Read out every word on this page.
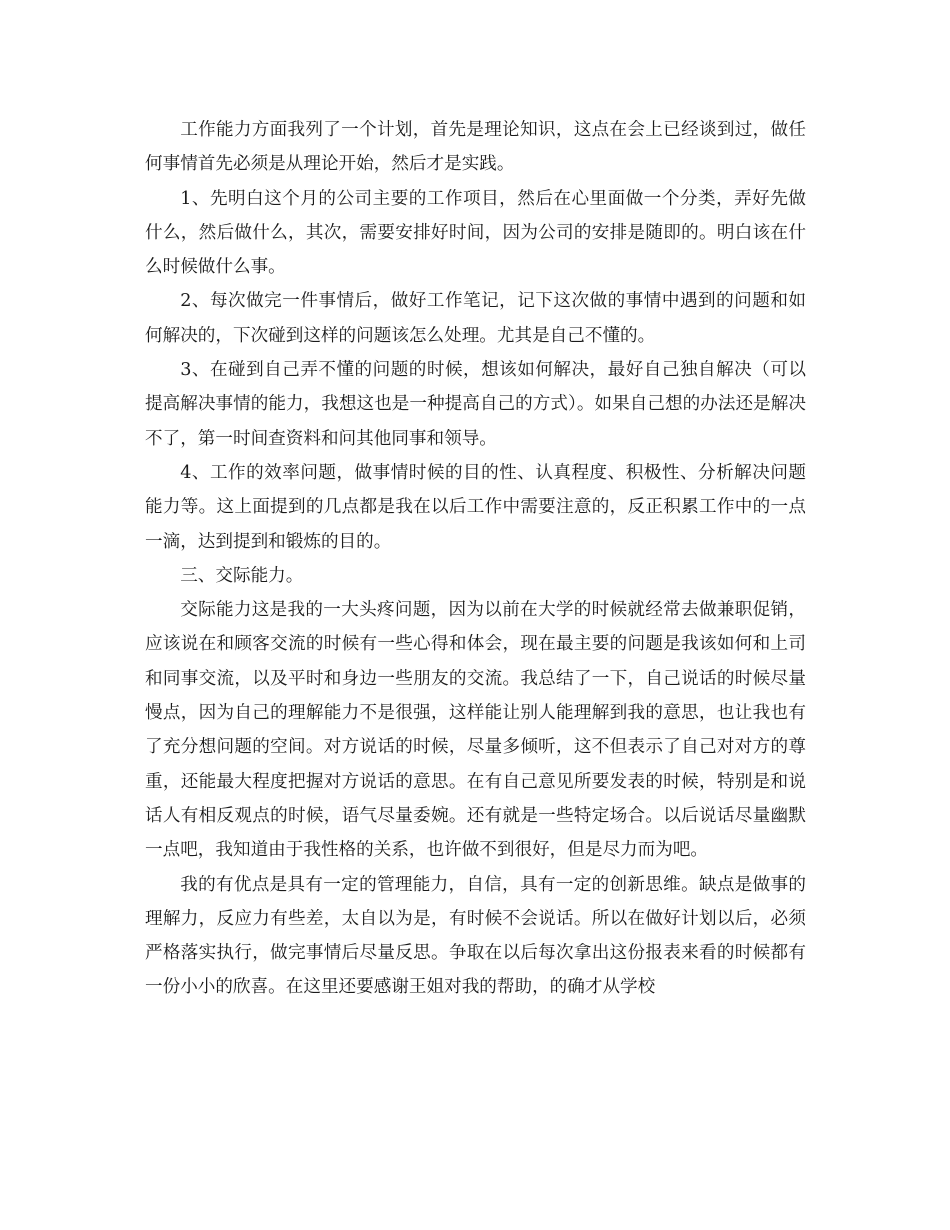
工作能力方面我列了一个计划，首先是理论知识，这点在会上已经谈到过，做任何事情首先必须是从理论开始，然后才是实践。

1、先明白这个月的公司主要的工作项目，然后在心里面做一个分类，弄好先做什么，然后做什么，其次，需要安排好时间，因为公司的安排是随即的。明白该在什么时候做什么事。

2、每次做完一件事情后，做好工作笔记，记下这次做的事情中遇到的问题和如何解决的，下次碰到这样的问题该怎么处理。尤其是自己不懂的。

3、在碰到自己弄不懂的问题的时候，想该如何解决，最好自己独自解决（可以提高解决事情的能力，我想这也是一种提高自己的方式）。如果自己想的办法还是解决不了，第一时间查资料和问其他同事和领导。

4、工作的效率问题，做事情时候的目的性、认真程度、积极性、分析解决问题能力等。这上面提到的几点都是我在以后工作中需要注意的，反正积累工作中的一点一滴，达到提到和锻炼的目的。

三、交际能力。

交际能力这是我的一大头疼问题，因为以前在大学的时候就经常去做兼职促销，应该说在和顾客交流的时候有一些心得和体会，现在最主要的问题是我该如何和上司和同事交流，以及平时和身边一些朋友的交流。我总结了一下，自己说话的时候尽量慢点，因为自己的理解能力不是很强，这样能让别人能理解到我的意思，也让我也有了充分想问题的空间。对方说话的时候，尽量多倾听，这不但表示了自己对对方的尊重，还能最大程度把握对方说话的意思。在有自己意见所要发表的时候，特别是和说话人有相反观点的时候，语气尽量委婉。还有就是一些特定场合。以后说话尽量幽默一点吧，我知道由于我性格的关系，也许做不到很好，但是尽力而为吧。

我的有优点是具有一定的管理能力，自信，具有一定的创新思维。缺点是做事的理解力，反应力有些差，太自以为是，有时候不会说话。所以在做好计划以后，必须严格落实执行，做完事情后尽量反思。争取在以后每次拿出这份报表来看的时候都有一份小小的欣喜。在这里还要感谢王姐对我的帮助，的确才从学校
